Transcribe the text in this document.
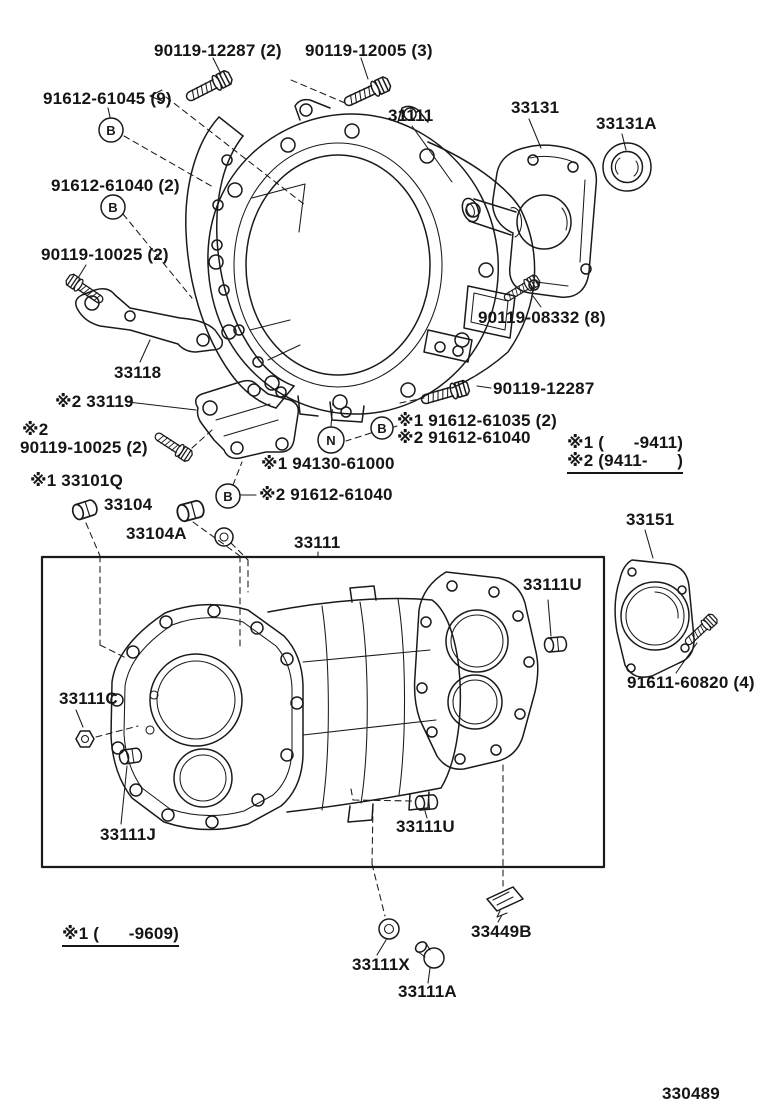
B
B
B
B
N
90119-12287 (2) 90119-12005 (3)
91612-61045 (9)
31111	33131
33131A
91612-61040 (2)
90119-10025 (2)
90119-08332 (8)
33118
90119-12287
※2 33119
※2
90119-10025 (2)
※1 91612-61035 (2)
※2 91612-61040 ※1 (      -9411)
※2 (9411-      )
※1 94130-61000
※1 33101Q
※2 91612-61040
33104
33151
33104A	33111
33111U
91611-60820 (4)
33111C
33111U
33111J
33449B
※1 (      -9609)
33111X
33111A
330489
